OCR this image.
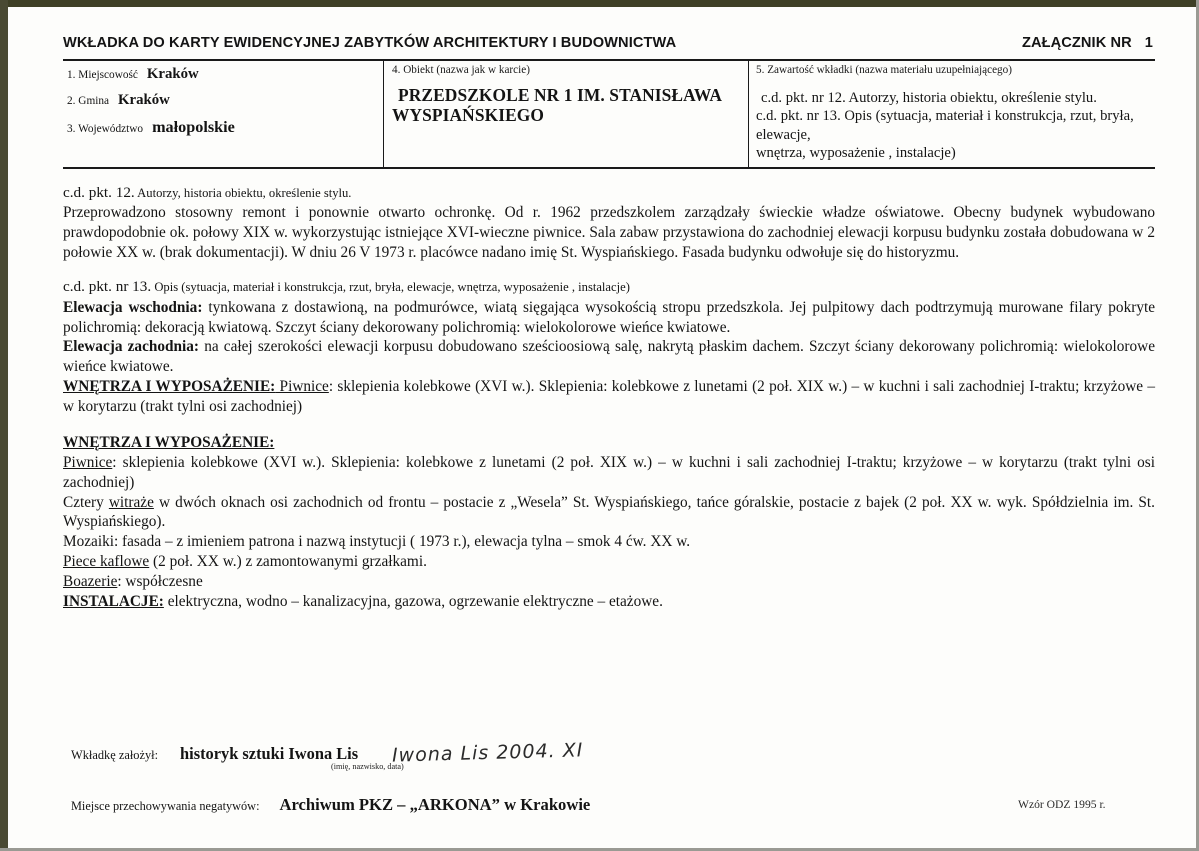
WKŁADKA DO KARTY EWIDENCYJNEJ ZABYTKÓW ARCHITEKTURY I BUDOWNICTWA	ZAŁĄCZNIK NR 1
1. Miejscowość Kraków
2. Gmina Kraków
3. Województwo małopolskie

4. Obiekt (nazwa jak w karcie)
PRZEDSZKOLE NR 1 IM. STANISŁAWA
WYSPIAŃSKIEGO

5. Zawartość wkładki (nazwa materiału uzupełniającego)
c.d. pkt. nr 12. Autorzy, historia obiektu, określenie stylu.
c.d. pkt. nr 13. Opis (sytuacja, materiał i konstrukcja, rzut, bryła, elewacje,
wnętrza, wyposażenie , instalacje)
c.d. pkt. 12. Autorzy, historia obiektu, określenie stylu.

Przeprowadzono stosowny remont i ponownie otwarto ochronkę. Od r. 1962 przedszkolem zarządzały świeckie władze oświatowe. Obecny budynek wybudowano prawdopodobnie ok. połowy XIX w. wykorzystując istniejące XVI-wieczne piwnice. Sala zabaw przystawiona do zachodniej elewacji korpusu budynku została dobudowana w 2 połowie XX w. (brak dokumentacji). W dniu 26 V 1973 r. placówce nadano imię St. Wyspiańskiego. Fasada budynku odwołuje się do historyzmu.

c.d. pkt. nr 13. Opis (sytuacja, materiał i konstrukcja, rzut, bryła, elewacje, wnętrza, wyposażenie , instalacje)

Elewacja wschodnia: tynkowana z dostawioną, na podmurówce, wiatą sięgająca wysokością stropu przedszkola. Jej pulpitowy dach podtrzymują murowane filary pokryte polichromią: dekoracją kwiatową. Szczyt ściany dekorowany polichromią: wielokolorowe wieńce kwiatowe.

Elewacja zachodnia: na całej szerokości elewacji korpusu dobudowano sześcioosiową salę, nakrytą płaskim dachem. Szczyt ściany dekorowany polichromią: wielokolorowe wieńce kwiatowe.

WNĘTRZA I WYPOSAŻENIE: Piwnice: sklepienia kolebkowe (XVI w.). Sklepienia: kolebkowe z lunetami (2 poł. XIX w.) – w kuchni i sali zachodniej I-traktu; krzyżowe – w korytarzu (trakt tylni osi zachodniej)

WNĘTRZA I WYPOSAŻENIE:

Piwnice: sklepienia kolebkowe (XVI w.). Sklepienia: kolebkowe z lunetami (2 poł. XIX w.) – w kuchni i sali zachodniej I-traktu; krzyżowe – w korytarzu (trakt tylni osi zachodniej)

Cztery witraże w dwóch oknach osi zachodnich od frontu – postacie z „Wesela” St. Wyspiańskiego, tańce góralskie, postacie z bajek (2 poł. XX w. wyk. Spółdzielnia im. St. Wyspiańskiego).

Mozaiki: fasada – z imieniem patrona i nazwą instytucji ( 1973 r.), elewacja tylna – smok 4 ćw. XX w.

Piece kaflowe (2 poł. XX w.) z zamontowanymi grzałkami.

Boazerie: współczesne

INSTALACJE: elektryczna, wodno – kanalizacyjna, gazowa, ogrzewanie elektryczne – etażowe.

Wkładkę założył: historyk sztuki Iwona Lis Iwona Lis 2004. XI
(imię, nazwisko, data)
Miejsce przechowywania negatywów: Archiwum PKZ – „ARKONA” w Krakowie	Wzór ODZ 1995 r.
